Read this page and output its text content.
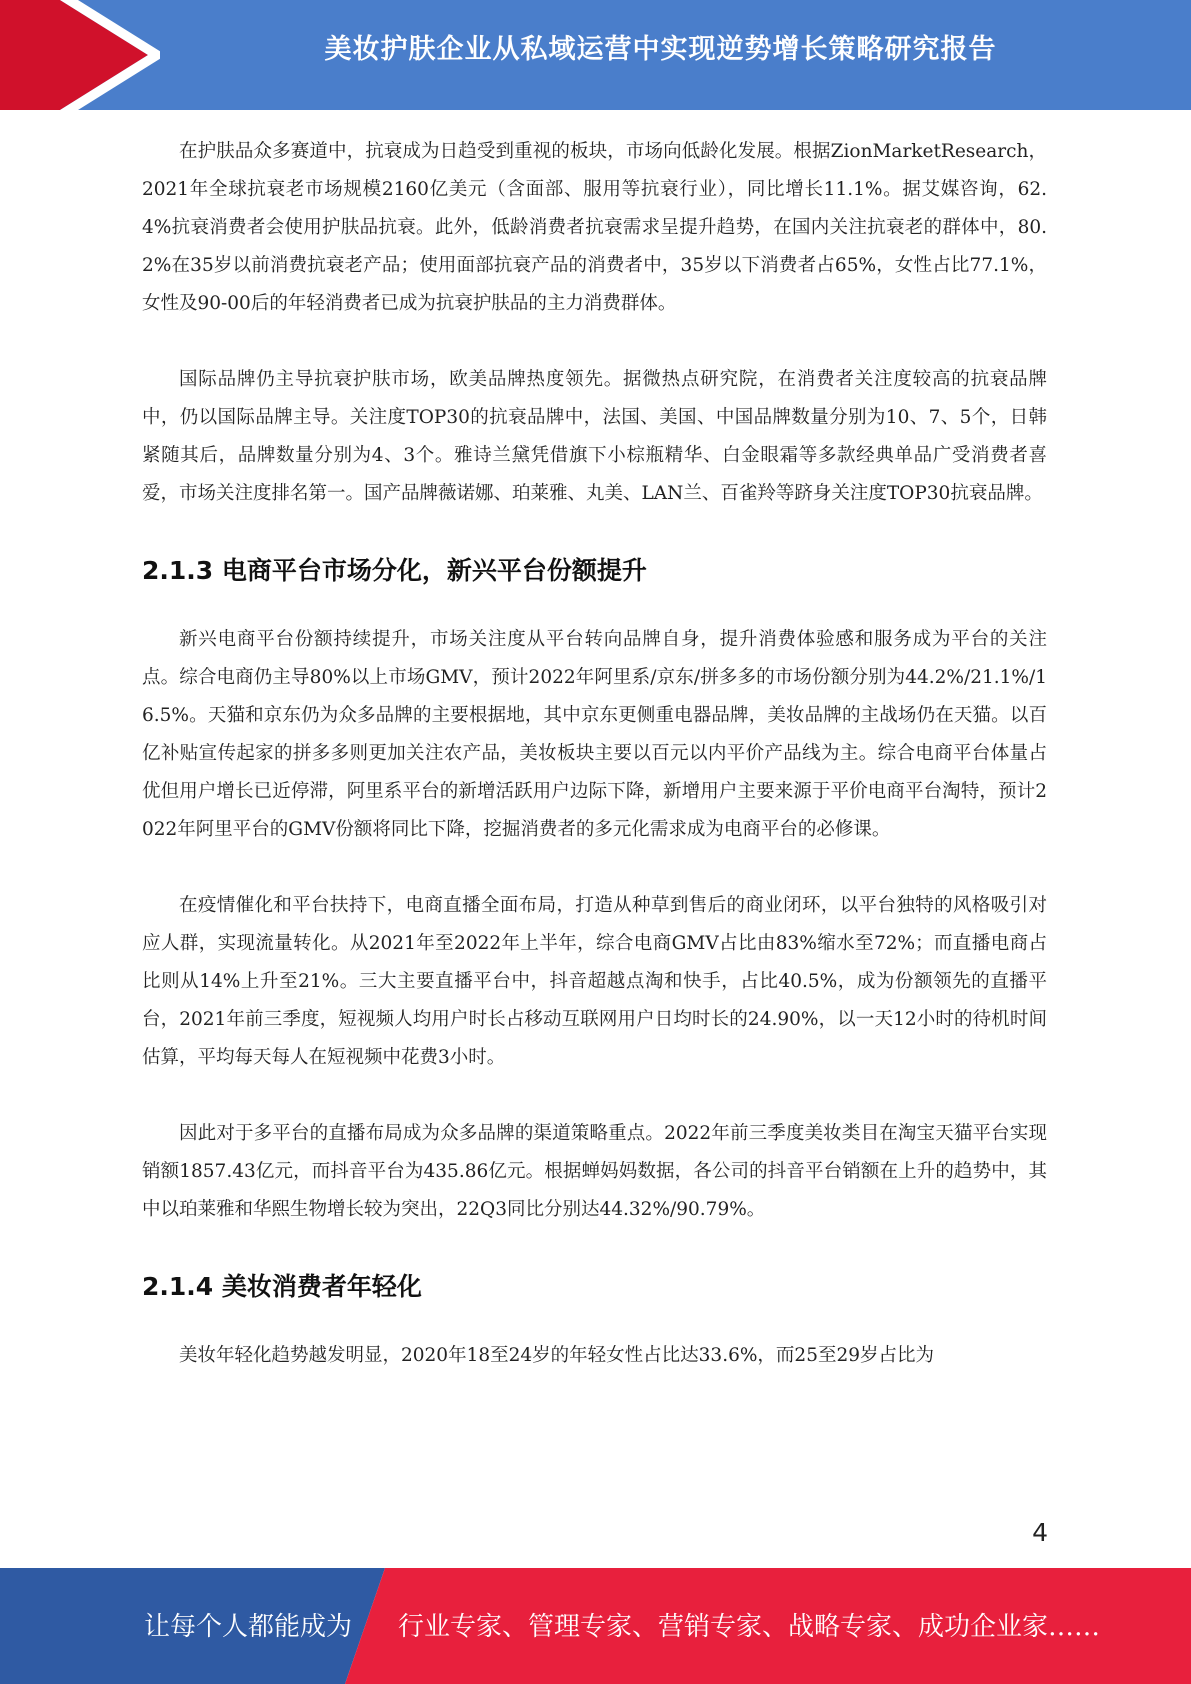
美妆护肤企业从私域运营中实现逆势增长策略研究报告

在护肤品众多赛道中，抗衰成为日趋受到重视的板块，市场向低龄化发展。根据ZionMarketResearch，2021年全球抗衰老市场规模2160亿美元（含面部、服用等抗衰行业），同比增长11.1%。据艾媒咨询，62.4%抗衰消费者会使用护肤品抗衰。此外，低龄消费者抗衰需求呈提升趋势，在国内关注抗衰老的群体中，80.2%在35岁以前消费抗衰老产品；使用面部抗衰产品的消费者中，35岁以下消费者占65%，女性占比77.1%，女性及90-00后的年轻消费者已成为抗衰护肤品的主力消费群体。

国际品牌仍主导抗衰护肤市场，欧美品牌热度领先。据微热点研究院，在消费者关注度较高的抗衰品牌中，仍以国际品牌主导。关注度TOP30的抗衰品牌中，法国、美国、中国品牌数量分别为10、7、5个，日韩紧随其后，品牌数量分别为4、3个。雅诗兰黛凭借旗下小棕瓶精华、白金眼霜等多款经典单品广受消费者喜爱，市场关注度排名第一。国产品牌薇诺娜、珀莱雅、丸美、LAN兰、百雀羚等跻身关注度TOP30抗衰品牌。

2.1.3 电商平台市场分化，新兴平台份额提升

新兴电商平台份额持续提升，市场关注度从平台转向品牌自身，提升消费体验感和服务成为平台的关注点。综合电商仍主导80%以上市场GMV，预计2022年阿里系/京东/拼多多的市场份额分别为44.2%/21.1%/16.5%。天猫和京东仍为众多品牌的主要根据地，其中京东更侧重电器品牌，美妆品牌的主战场仍在天猫。以百亿补贴宣传起家的拼多多则更加关注农产品，美妆板块主要以百元以内平价产品线为主。综合电商平台体量占优但用户增长已近停滞，阿里系平台的新增活跃用户边际下降，新增用户主要来源于平价电商平台淘特，预计2022年阿里平台的GMV份额将同比下降，挖掘消费者的多元化需求成为电商平台的必修课。

在疫情催化和平台扶持下，电商直播全面布局，打造从种草到售后的商业闭环，以平台独特的风格吸引对应人群，实现流量转化。从2021年至2022年上半年，综合电商GMV占比由83%缩水至72%；而直播电商占比则从14%上升至21%。三大主要直播平台中，抖音超越点淘和快手，占比40.5%，成为份额领先的直播平台，2021年前三季度，短视频人均用户时长占移动互联网用户日均时长的24.90%，以一天12小时的待机时间估算，平均每天每人在短视频中花费3小时。

因此对于多平台的直播布局成为众多品牌的渠道策略重点。2022年前三季度美妆类目在淘宝天猫平台实现销额1857.43亿元，而抖音平台为435.86亿元。根据蝉妈妈数据，各公司的抖音平台销额在上升的趋势中，其中以珀莱雅和华熙生物增长较为突出，22Q3同比分别达44.32%/90.79%。

2.1.4 美妆消费者年轻化

美妆年轻化趋势越发明显，2020年18至24岁的年轻女性占比达33.6%，而25至29岁占比为

4
让每个人都能成为 行业专家、管理专家、营销专家、战略专家、成功企业家……
